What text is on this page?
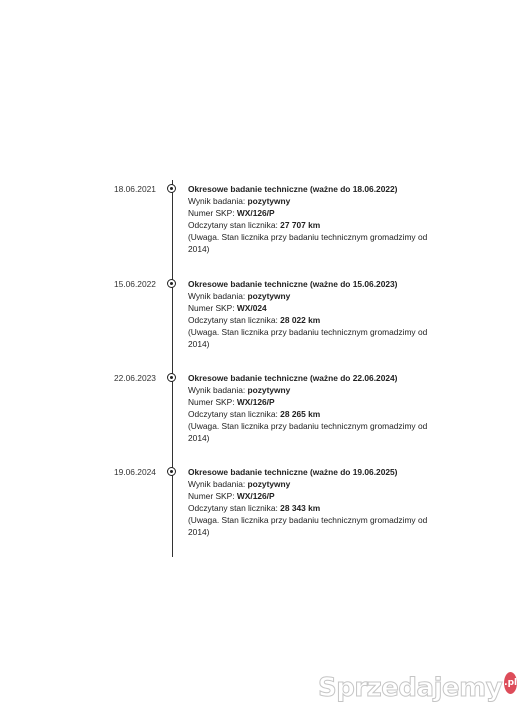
18.06.2021	Okresowe badanie techniczne (ważne do 18.06.2022)
Wynik badania: pozytywny
Numer SKP: WX/126/P
Odczytany stan licznika: 27 707 km
(Uwaga. Stan licznika przy badaniu technicznym gromadzimy od 2014)
15.06.2022	Okresowe badanie techniczne (ważne do 15.06.2023)
Wynik badania: pozytywny
Numer SKP: WX/024
Odczytany stan licznika: 28 022 km
(Uwaga. Stan licznika przy badaniu technicznym gromadzimy od 2014)
22.06.2023	Okresowe badanie techniczne (ważne do 22.06.2024)
Wynik badania: pozytywny
Numer SKP: WX/126/P
Odczytany stan licznika: 28 265 km
(Uwaga. Stan licznika przy badaniu technicznym gromadzimy od 2014)
19.06.2024	Okresowe badanie techniczne (ważne do 19.06.2025)
Wynik badania: pozytywny
Numer SKP: WX/126/P
Odczytany stan licznika: 28 343 km
(Uwaga. Stan licznika przy badaniu technicznym gromadzimy od 2014)
Sprzedajemy .pl
